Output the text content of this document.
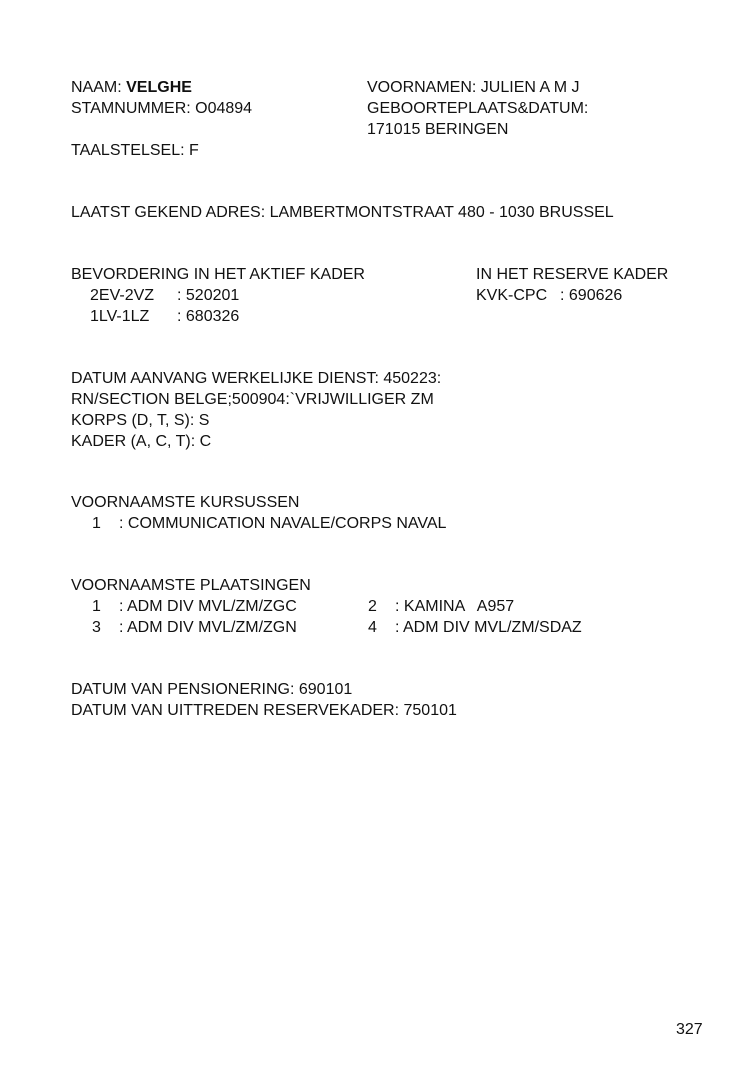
NAAM: VELGHE
STAMNUMMER: O04894
VOORNAMEN: JULIEN A M J
GEBOORTEPLAATS&DATUM:
171015 BERINGEN
TAALSTELSEL: F
LAATST GEKEND ADRES: LAMBERTMONTSTRAAT 480 - 1030 BRUSSEL
BEVORDERING IN HET AKTIEF KADER
2EV-2VZ : 520201
1LV-1LZ : 680326
IN HET RESERVE KADER
KVK-CPC : 690626
DATUM AANVANG WERKELIJKE DIENST: 450223:
RN/SECTION BELGE;500904:`VRIJWILLIGER ZM
KORPS (D, T, S): S
KADER (A, C, T): C
VOORNAAMSTE KURSUSSEN
1 : COMMUNICATION NAVALE/CORPS NAVAL
VOORNAAMSTE PLAATSINGEN
1 : ADM DIV MVL/ZM/ZGC	2 : KAMINA   A957
3 : ADM DIV MVL/ZM/ZGN	4 : ADM DIV MVL/ZM/SDAZ
DATUM VAN PENSIONERING: 690101
DATUM VAN UITTREDEN RESERVEKADER: 750101
327
